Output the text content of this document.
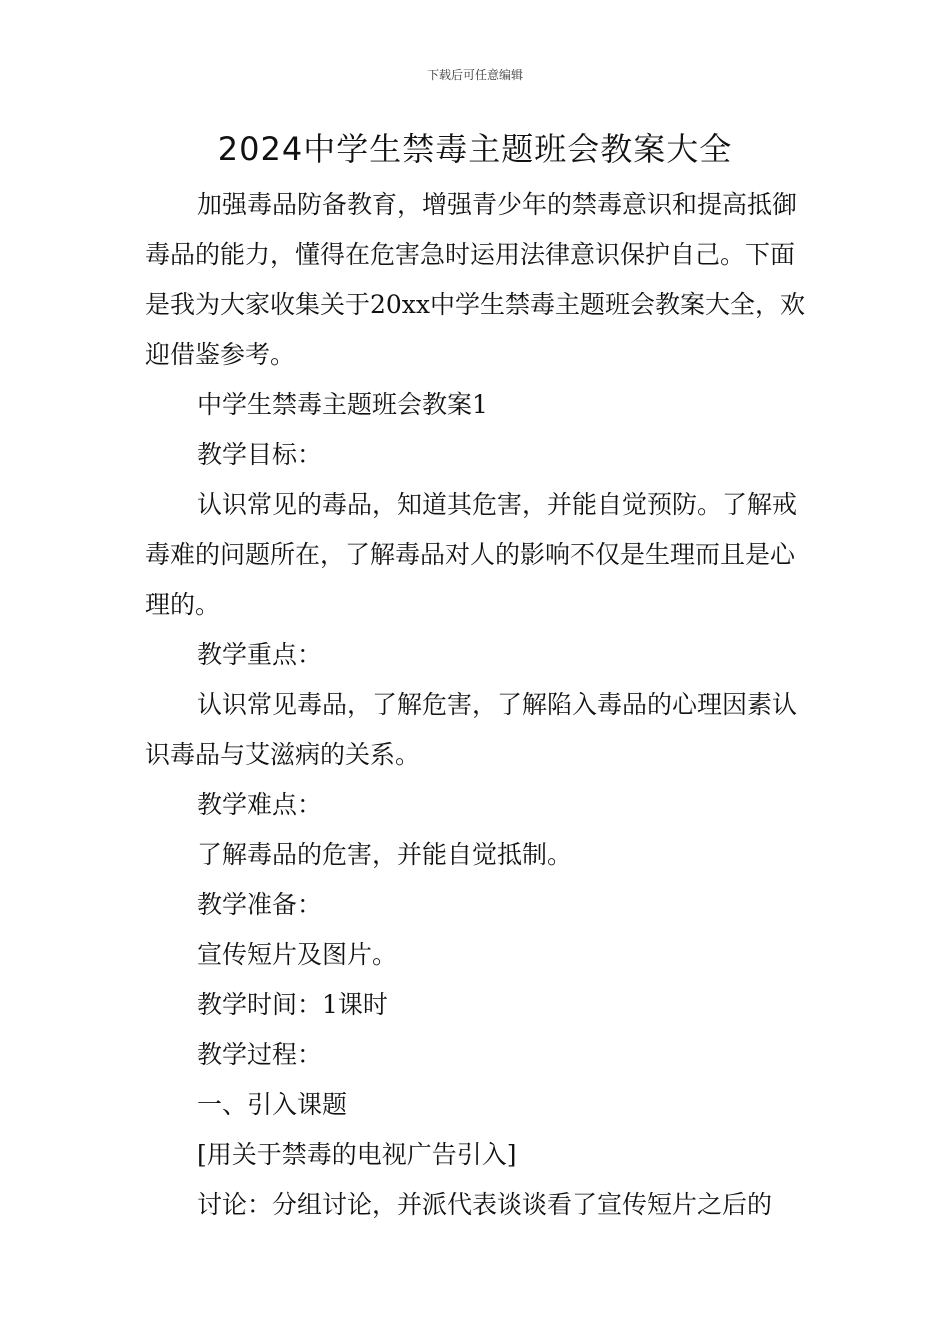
下载后可任意编辑
2024中学生禁毒主题班会教案大全

加强毒品防备教育，增强青少年的禁毒意识和提高抵御毒品的能力，懂得在危害急时运用法律意识保护自己。下面是我为大家收集关于20xx中学生禁毒主题班会教案大全，欢迎借鉴参考。

中学生禁毒主题班会教案1

教学目标：

认识常见的毒品，知道其危害，并能自觉预防。了解戒毒难的问题所在，了解毒品对人的影响不仅是生理而且是心理的。

教学重点：

认识常见毒品，了解危害，了解陷入毒品的心理因素认识毒品与艾滋病的关系。

教学难点：

了解毒品的危害，并能自觉抵制。

教学准备：

宣传短片及图片。

教学时间：1课时

教学过程：

一、引入课题

[用关于禁毒的电视广告引入]

讨论：分组讨论，并派代表谈谈看了宣传短片之后的
